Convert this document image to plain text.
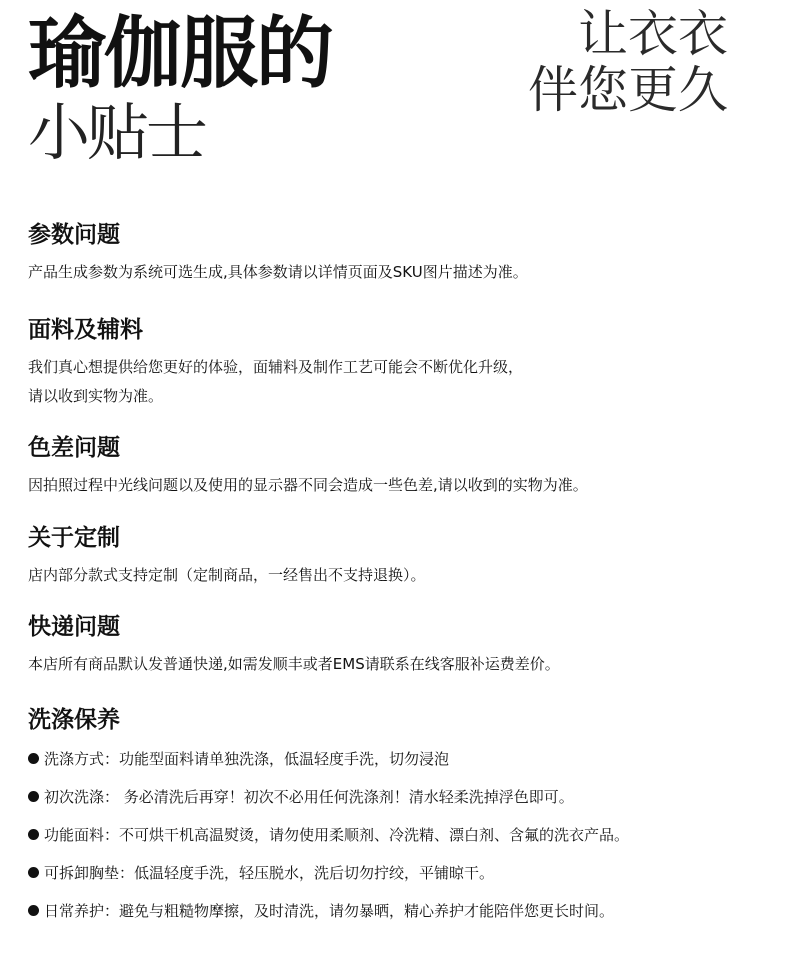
瑜伽服的
小贴士
让衣衣
伴您更久
参数问题
产品生成参数为系统可选生成,具体参数请以详情页面及SKU图片描述为准。
面料及辅料
我们真心想提供给您更好的体验，面辅料及制作工艺可能会不断优化升级，
请以收到实物为准。
色差问题
因拍照过程中光线问题以及使用的显示器不同会造成一些色差,请以收到的实物为准。
关于定制
店内部分款式支持定制（定制商品，一经售出不支持退换）。
快递问题
本店所有商品默认发普通快递,如需发顺丰或者EMS请联系在线客服补运费差价。
洗涤保养
洗涤方式：功能型面料请单独洗涤，低温轻度手洗，切勿浸泡
初次洗涤： 务必清洗后再穿！初次不必用任何洗涤剂！清水轻柔洗掉浮色即可。
功能面料：不可烘干机高温熨烫，请勿使用柔顺剂、冷洗精、漂白剂、含氟的洗衣产品。
可拆卸胸垫：低温轻度手洗，轻压脱水，洗后切勿拧绞，平铺晾干。
日常养护：避免与粗糙物摩擦，及时清洗，请勿暴晒，精心养护才能陪伴您更长时间。
